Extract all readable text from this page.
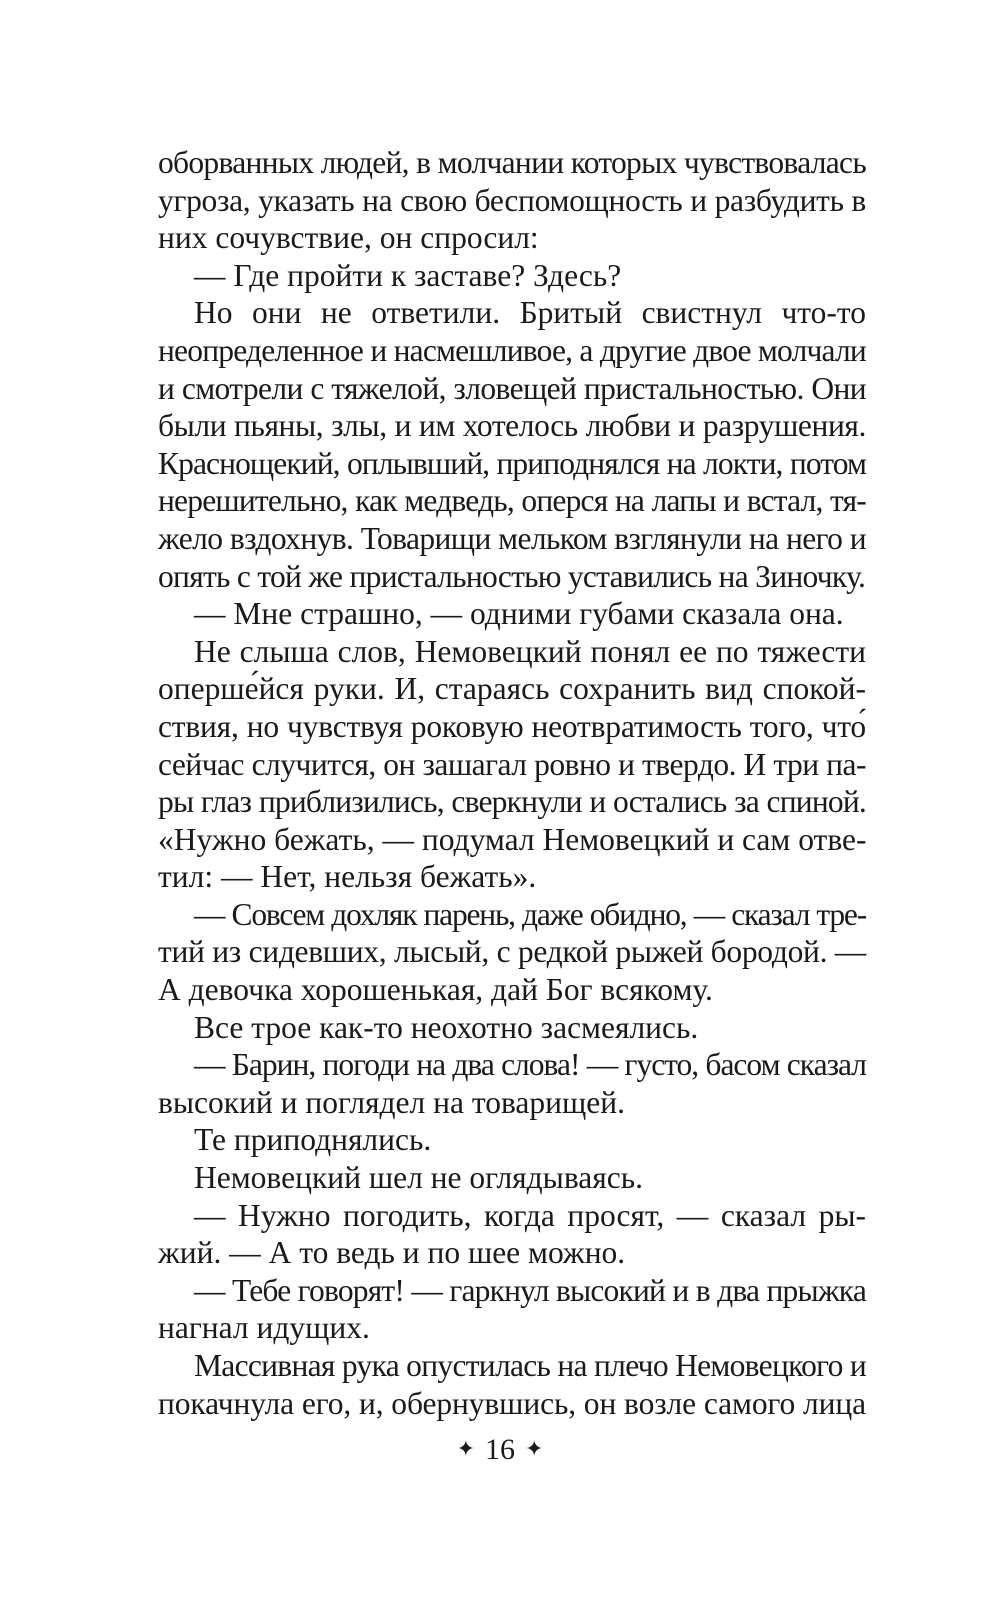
оборванных людей, в молчании которых чувствовалась
угроза, указать на свою беспомощность и разбудить в
них сочувствие, он спросил:
— Где пройти к заставе? Здесь?
Но они не ответили. Бритый свистнул что-то
неопределенное и насмешливое, а другие двое молчали
и смотрели с тяжелой, зловещей пристальностью. Они
были пьяны, злы, и им хотелось любви и разрушения.
Краснощекий, оплывший, приподнялся на локти, потом
нерешительно, как медведь, оперся на лапы и встал, тя-
жело вздохнув. Товарищи мельком взглянули на него и
опять с той же пристальностью уставились на Зиночку.
— Мне страшно, — одними губами сказала она.
Не слыша слов, Немовецкий понял ее по тяжести
оперше́йся руки. И, стараясь сохранить вид спокой-
ствия, но чувствуя роковую неотвратимость того, что́
сейчас случится, он зашагал ровно и твердо. И три па-
ры глаз приблизились, сверкнули и остались за спиной.
«Нужно бежать, — подумал Немовецкий и сам отве-
тил: — Нет, нельзя бежать».
— Совсем дохляк парень, даже обидно, — сказал тре-
тий из сидевших, лысый, с редкой рыжей бородой. —
А девочка хорошенькая, дай Бог всякому.
Все трое как-то неохотно засмеялись.
— Барин, погоди на два слова! — густо, басом сказал
высокий и поглядел на товарищей.
Те приподнялись.
Немовецкий шел не оглядываясь.
— Нужно погодить, когда просят, — сказал ры-
жий. — А то ведь и по шее можно.
— Тебе говорят! — гаркнул высокий и в два прыжка
нагнал идущих.
Массивная рука опустилась на плечо Немовецкого и
покачнула его, и, обернувшись, он возле самого лица
✦ 16 ✦
